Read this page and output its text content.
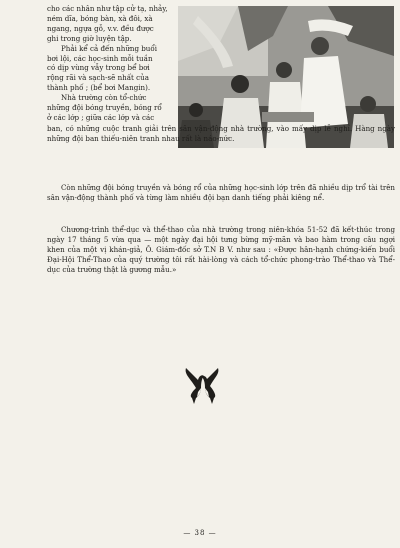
cho các nhân như tập cử tạ, nhảy,

ném dĩa, bóng bàn, xà đôi, xà

ngang, ngựa gỗ, v.v. đều được

ghi trong giờ luyện tập.

Phải kể cả đến những buổi

bơi lội, các học-sinh mỗi tuần

có dịp vùng vẫy trong bể bơi

rộng rãi và sạch-sẽ nhất của

thành phố ; (bể bơi Mangin).

Nhà trường còn tổ-chức

những đội bóng truyền, bóng rổ

ở các lớp ; giữa các lớp và các

ban, có những cuộc tranh giải trên sân vận-động nhà trường, vào mấy dịp lễ nghỉ. Hàng ngày những đội ban thiếu-niên tranh nhau rất là náo-nức.

Còn những đội bóng truyền và bóng rổ của những học-sinh lớp trên đã nhiều dịp trổ tài trên sân vận-động thành phố và từng làm nhiều đội bạn danh tiếng phải kiêng nể.

Chương-trình thể-dục và thể-thao của nhà trường trong niên-khóa 51-52 đã kết-thúc trong ngày 17 tháng 5 vừa qua — một ngày đại hội tưng bừng mỹ-mãn và bao hàm trong câu ngợi khen của một vị khán-giả, Ô. Giám-đốc sở T.N B V. như sau : «Được hân-hạnh chứng-kiến buổi Đại-Hội Thể-Thao của quý trường tôi rất hài-lòng và cách tổ-chức phong-trào Thể-thao và Thể-dục của trường thật là gương mẫu.»

— 38 —
